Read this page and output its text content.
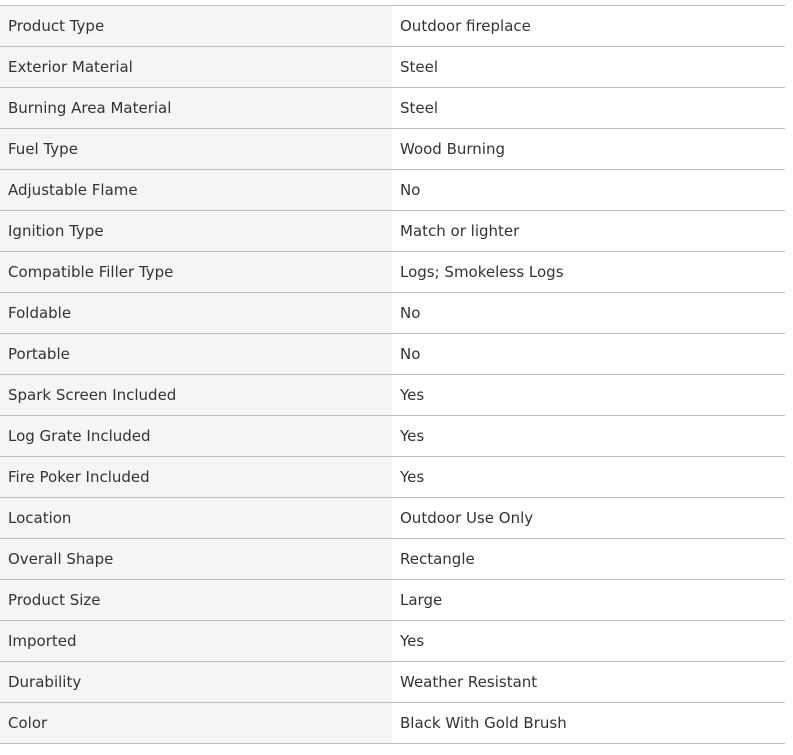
Product Type	Outdoor fireplace
Exterior Material	Steel
Burning Area Material	Steel
Fuel Type	Wood Burning
Adjustable Flame	No
Ignition Type	Match or lighter
Compatible Filler Type	Logs; Smokeless Logs
Foldable	No
Portable	No
Spark Screen Included	Yes
Log Grate Included	Yes
Fire Poker Included	Yes
Location	Outdoor Use Only
Overall Shape	Rectangle
Product Size	Large
Imported	Yes
Durability	Weather Resistant
Color	Black With Gold Brush
